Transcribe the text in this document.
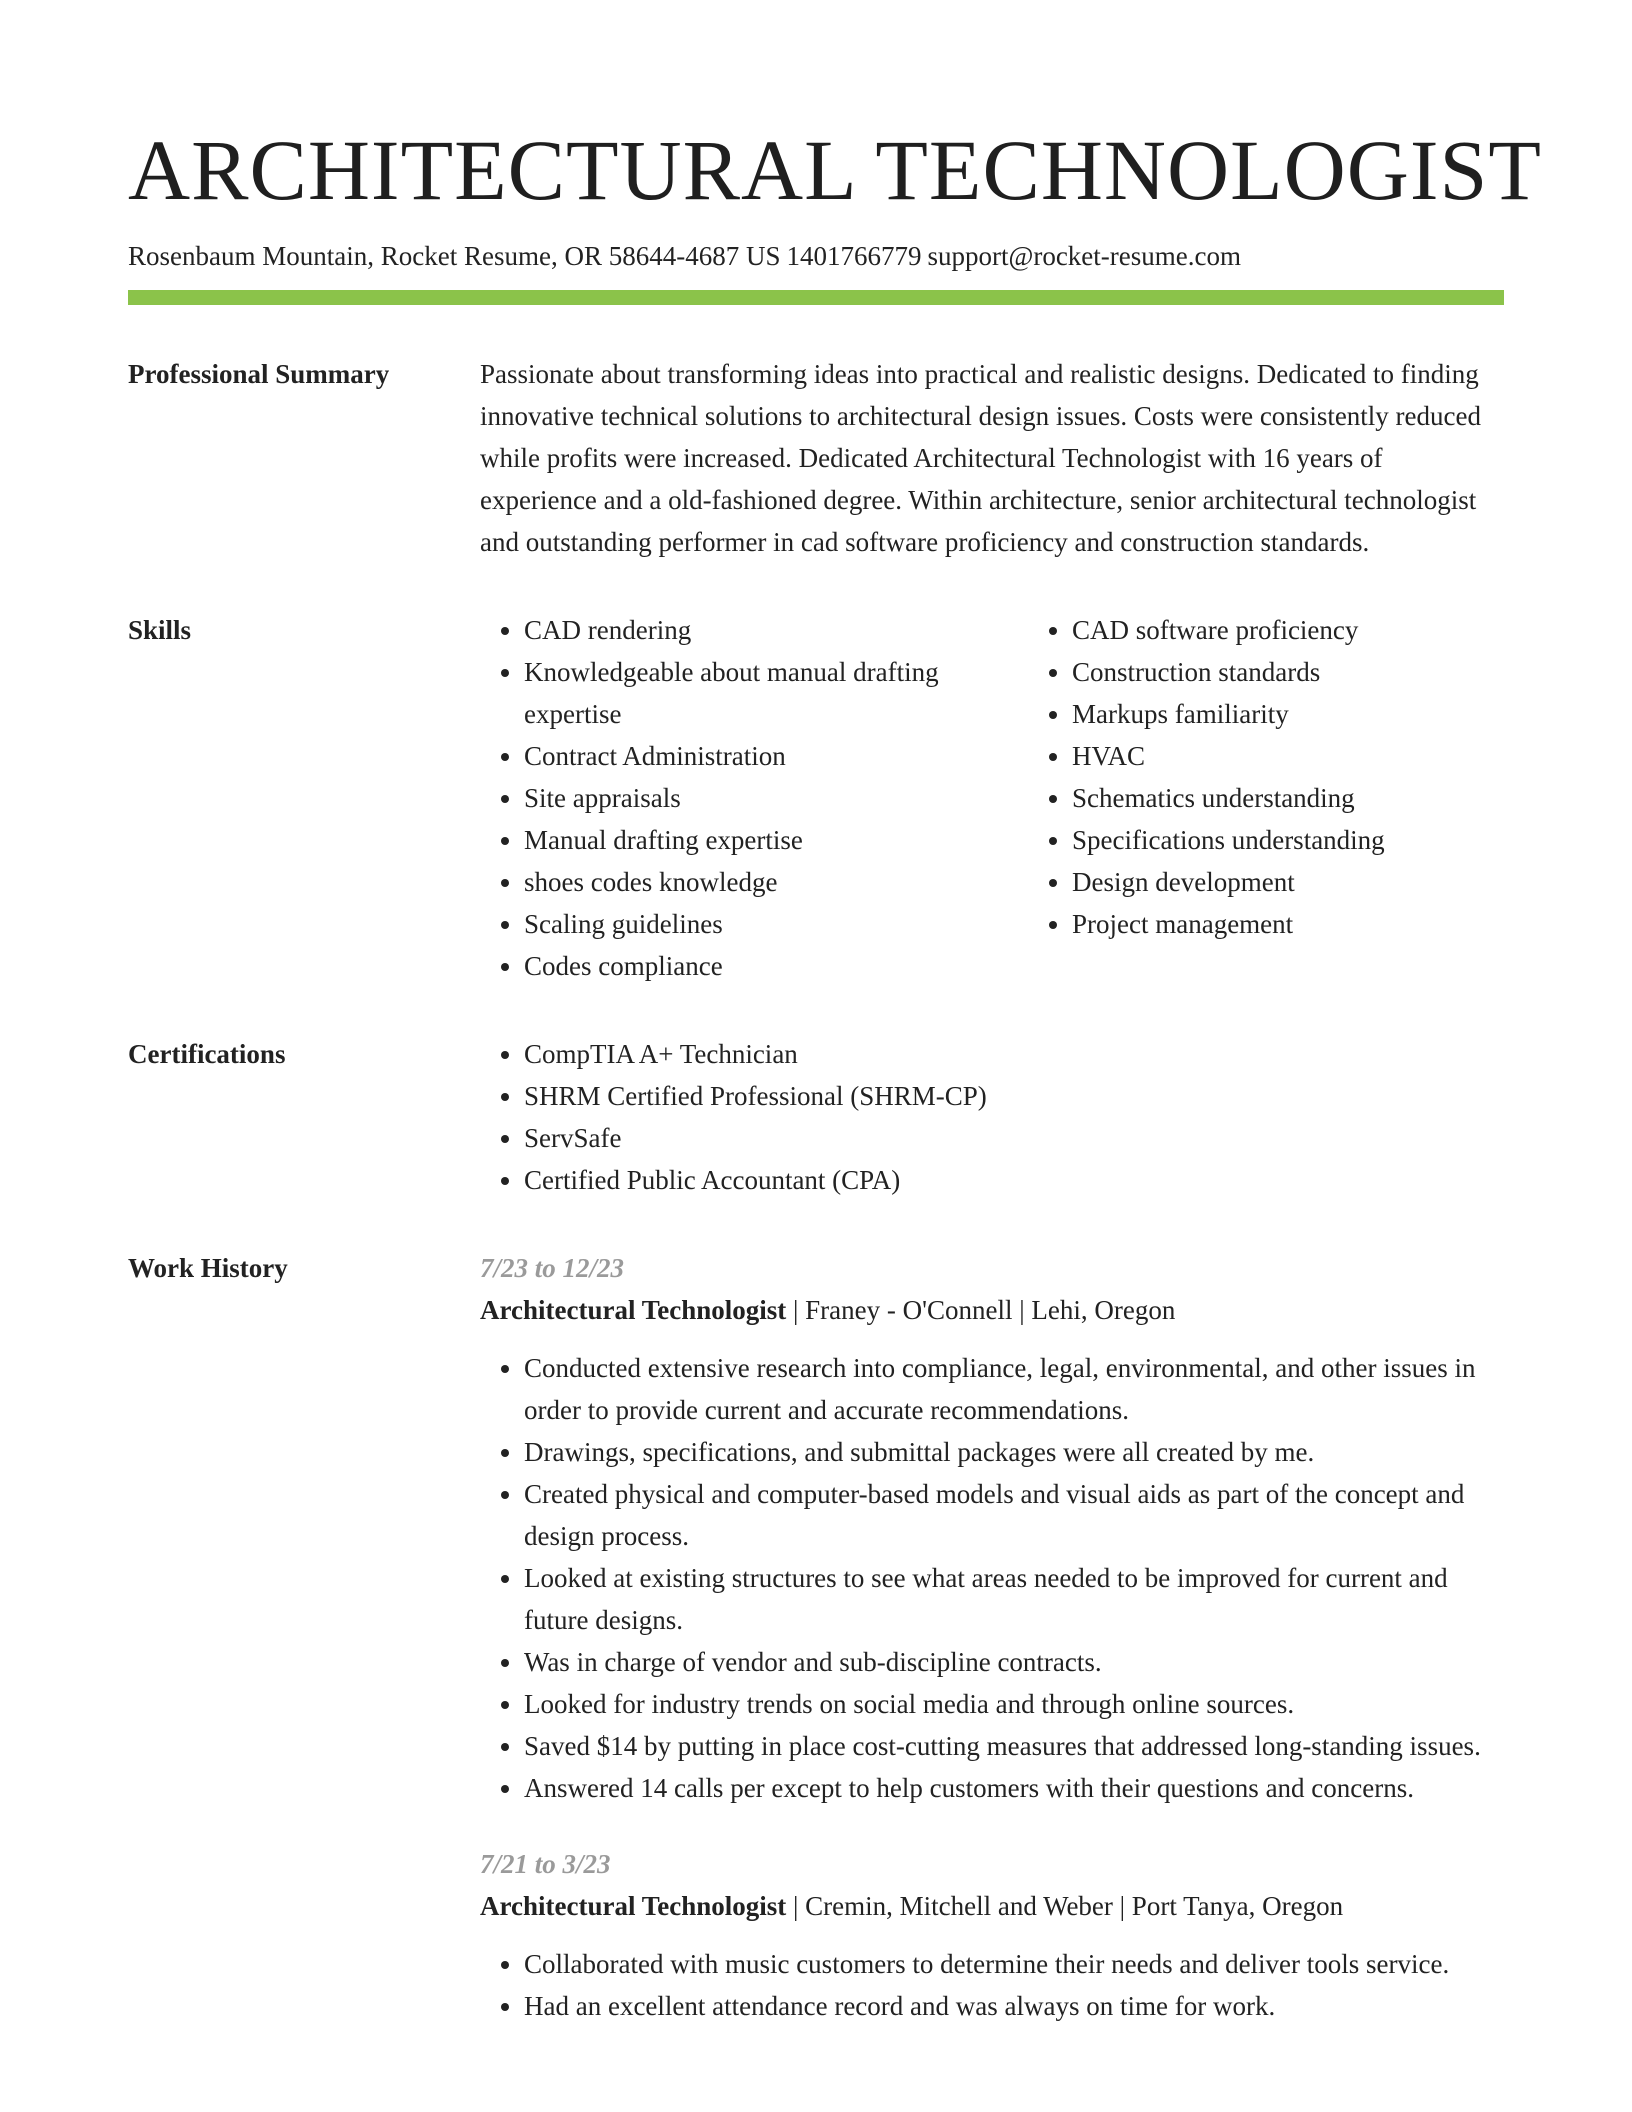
ARCHITECTURAL TECHNOLOGIST
Rosenbaum Mountain, Rocket Resume, OR 58644-4687 US 1401766779 support@rocket-resume.com
Professional Summary	Passionate about transforming ideas into practical and realistic designs. Dedicated to finding innovative technical solutions to architectural design issues. Costs were consistently reduced while profits were increased. Dedicated Architectural Technologist with 16 years of experience and a old-fashioned degree. Within architecture, senior architectural technologist and outstanding performer in cad software proficiency and construction standards.

Skills	• CAD rendering
• Knowledgeable about manual drafting expertise
• Contract Administration
• Site appraisals
• Manual drafting expertise
• shoes codes knowledge
• Scaling guidelines
• Codes compliance
• CAD software proficiency
• Construction standards
• Markups familiarity
• HVAC
• Schematics understanding
• Specifications understanding
• Design development
• Project management
Certifications	• CompTIA A+ Technician
• SHRM Certified Professional (SHRM-CP)
• ServSafe
• Certified Public Accountant (CPA)
Work History	7/23 to 12/23
Architectural Technologist | Franey - O'Connell | Lehi, Oregon
• Conducted extensive research into compliance, legal, environmental, and other issues in order to provide current and accurate recommendations.
• Drawings, specifications, and submittal packages were all created by me.
• Created physical and computer-based models and visual aids as part of the concept and design process.
• Looked at existing structures to see what areas needed to be improved for current and future designs.
• Was in charge of vendor and sub-discipline contracts.
• Looked for industry trends on social media and through online sources.
• Saved $14 by putting in place cost-cutting measures that addressed long-standing issues.
• Answered 14 calls per except to help customers with their questions and concerns.
7/21 to 3/23
Architectural Technologist | Cremin, Mitchell and Weber | Port Tanya, Oregon
• Collaborated with music customers to determine their needs and deliver tools service.
• Had an excellent attendance record and was always on time for work.
